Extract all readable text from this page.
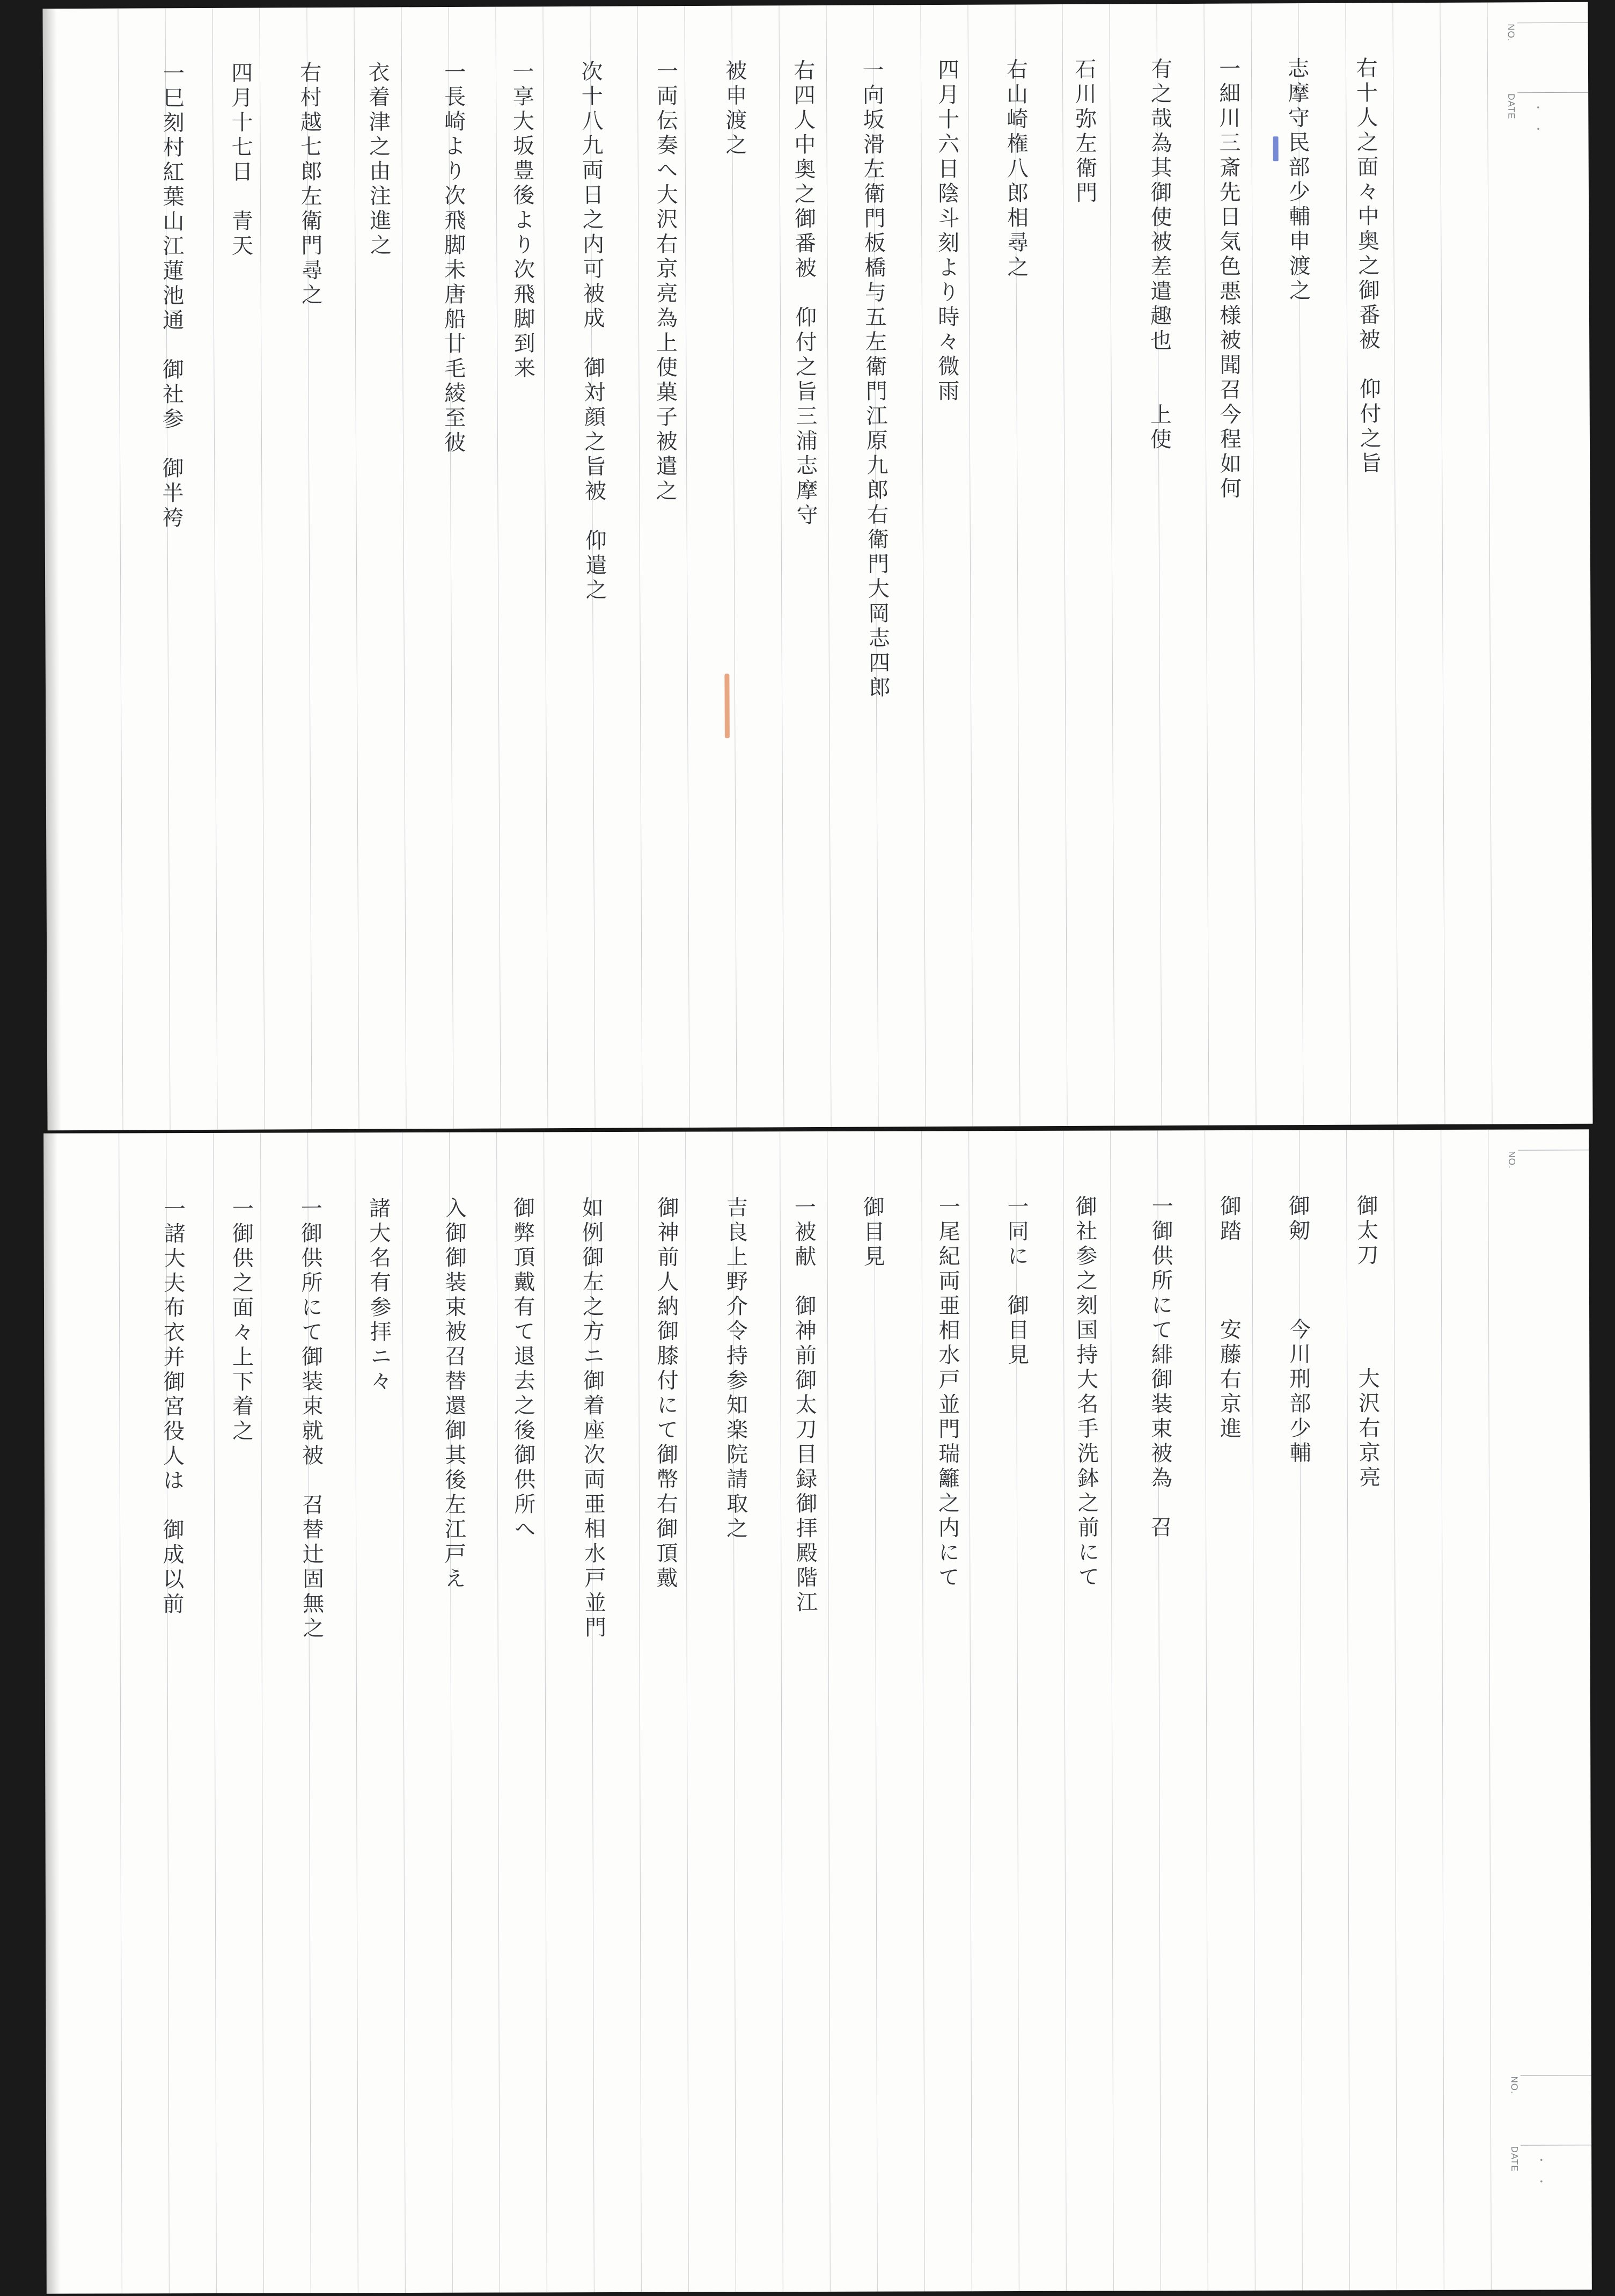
NO.
DATE ・　・
右十人之面々中奥之御番被　仰付之旨
志摩守民部少輔申渡之
一細川三斎先日気色悪様被聞召今程如何
有之哉為其御使被差遣趣也　　上使
石川弥左衛門
右山崎権八郎相尋之
四月十六日陰斗刻より時々微雨
一向坂滑左衛門板橋与五左衛門江原九郎右衛門大岡志四郎
右四人中奥之御番被　仰付之旨三浦志摩守
被申渡之
一両伝奏へ大沢右京亮為上使菓子被遣之
次十八九両日之内可被成　御対顔之旨被　仰遣之
一享大坂豊後より次飛脚到来
一長崎より次飛脚未唐船廿毛綾至彼
衣着津之由注進之
右村越七郎左衛門尋之
四月十七日　青天
一巳刻村紅葉山江蓮池通　御社参　御半袴
NO.
NO.
DATE ・　・
御太刀　　　　大沢右京亮
御剱　　　今川刑部少輔
御踏　　　安藤右京進
一御供所にて緋御装束被為　召
御社参之刻国持大名手洗鉢之前にて
一同に　御目見
一尾紀両亜相水戸並門瑞籬之内にて
御目見
一被献　御神前御太刀目録御拝殿階江
吉良上野介令持参知楽院請取之
御神前人納御膝付にて御幣右御頂戴
如例御左之方ニ御着座次両亜相水戸並門
御弊頂戴有て退去之後御供所へ
入御御装束被召替還御其後左江戸え
諸大名有参拝ニ々
一御供所にて御装束就被　召替辻固無之
一御供之面々上下着之
一諸大夫布衣并御宮役人は　御成以前
